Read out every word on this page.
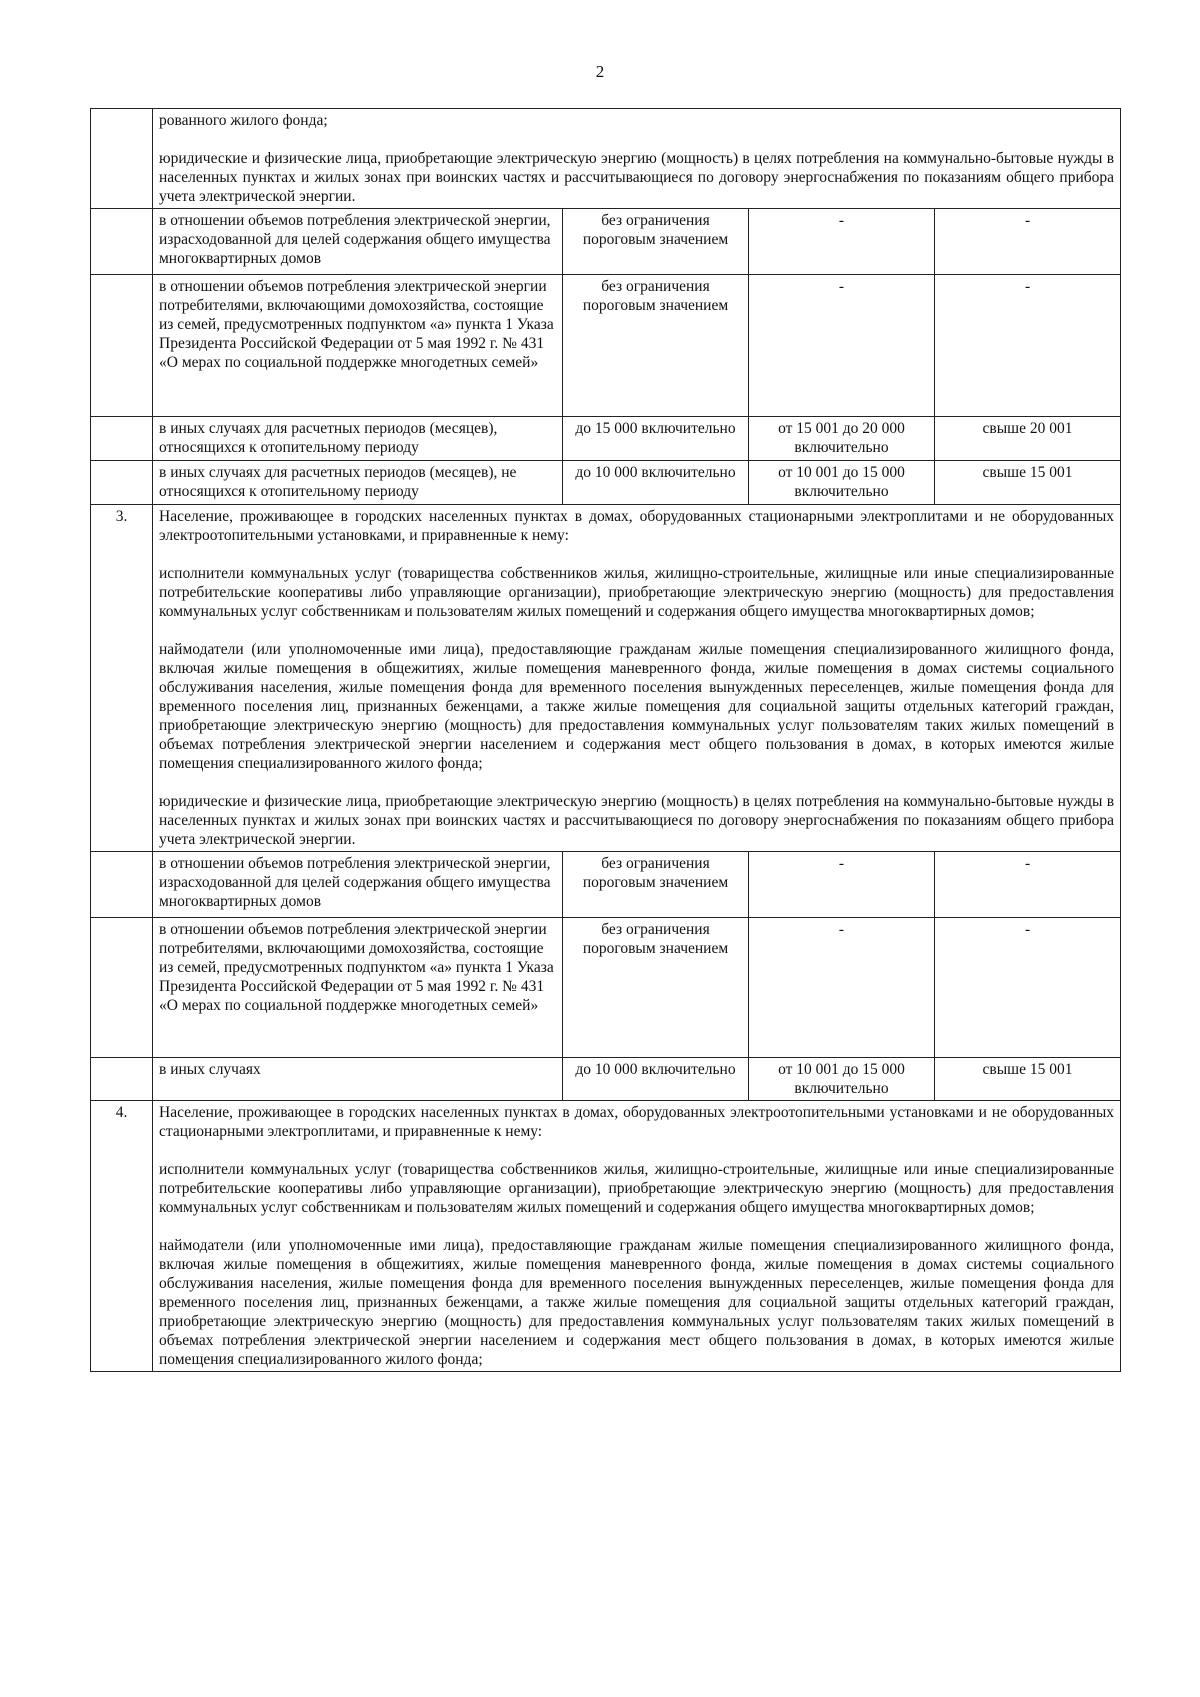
2

	рованного жилого фонда;

юридические и физические лица, приобретающие электрическую энергию (мощность) в целях потребления на коммунально-бытовые нужды в населенных пунктах и жилых зонах при воинских частях и рассчитывающиеся по договору энергоснабжения по показаниям общего прибора учета электрической энергии.			

	в отношении объемов потребления электрической энергии, израсходованной для целей содержания общего имущества многоквартирных домов	без ограничения пороговым значением	-	-
	в отношении объемов потребления электрической энергии потребителями, включающими домохозяйства, состоящие из семей, предусмотренных подпунктом «а» пункта 1 Указа Президента Российской Федерации от 5 мая 1992 г. № 431 «О мерах по социальной поддержке многодетных семей»	без ограничения пороговым значением	-	-
	в иных случаях для расчетных периодов (месяцев), относящихся к отопительному периоду	до 15 000 включительно	от 15 001 до 20 000 включительно	свыше 20 001
	в иных случаях для расчетных периодов (месяцев), не относящихся к отопительному периоду	до 10 000 включительно	от 10 001 до 15 000 включительно	свыше 15 001
3.	Население, проживающее в городских населенных пунктах в домах, оборудованных стационарными электроплитами и не оборудованных электроотопительными установками, и приравненные к нему:

исполнители коммунальных услуг (товарищества собственников жилья, жилищно-строительные, жилищные или иные специализированные потребительские кооперативы либо управляющие организации), приобретающие электрическую энергию (мощность) для предоставления коммунальных услуг собственникам и пользователям жилых помещений и содержания общего имущества многоквартирных домов;

наймодатели (или уполномоченные ими лица), предоставляющие гражданам жилые помещения специализированного жилищного фонда, включая жилые помещения в общежитиях, жилые помещения маневренного фонда, жилые помещения в домах системы социального обслуживания населения, жилые помещения фонда для временного поселения вынужденных переселенцев, жилые помещения фонда для временного поселения лиц, признанных беженцами, а также жилые помещения для социальной защиты отдельных категорий граждан, приобретающие электрическую энергию (мощность) для предоставления коммунальных услуг пользователям таких жилых помещений в объемах потребления электрической энергии населением и содержания мест общего пользования в домах, в которых имеются жилые помещения специализированного жилого фонда;

юридические и физические лица, приобретающие электрическую энергию (мощность) в целях потребления на коммунально-бытовые нужды в населенных пунктах и жилых зонах при воинских частях и рассчитывающиеся по договору энергоснабжения по показаниям общего прибора учета электрической энергии.			

	в отношении объемов потребления электрической энергии, израсходованной для целей содержания общего имущества многоквартирных домов	без ограничения пороговым значением	-	-
	в отношении объемов потребления электрической энергии потребителями, включающими домохозяйства, состоящие из семей, предусмотренных подпунктом «а» пункта 1 Указа Президента Российской Федерации от 5 мая 1992 г. № 431 «О мерах по социальной поддержке многодетных семей»	без ограничения пороговым значением	-	-
	в иных случаях	до 10 000 включительно	от 10 001 до 15 000 включительно	свыше 15 001
4.	Население, проживающее в городских населенных пунктах в домах, оборудованных электроотопительными установками и не оборудованных стационарными электроплитами, и приравненные к нему:

исполнители коммунальных услуг (товарищества собственников жилья, жилищно-строительные, жилищные или иные специализированные потребительские кооперативы либо управляющие организации), приобретающие электрическую энергию (мощность) для предоставления коммунальных услуг собственникам и пользователям жилых помещений и содержания общего имущества многоквартирных домов;

наймодатели (или уполномоченные ими лица), предоставляющие гражданам жилые помещения специализированного жилищного фонда, включая жилые помещения в общежитиях, жилые помещения маневренного фонда, жилые помещения в домах системы социального обслуживания населения, жилые помещения фонда для временного поселения вынужденных переселенцев, жилые помещения фонда для временного поселения лиц, признанных беженцами, а также жилые помещения для социальной защиты отдельных категорий граждан, приобретающие электрическую энергию (мощность) для предоставления коммунальных услуг пользователям таких жилых помещений в объемах потребления электрической энергии населением и содержания мест общего пользования в домах, в которых имеются жилые помещения специализированного жилого фонда;			
